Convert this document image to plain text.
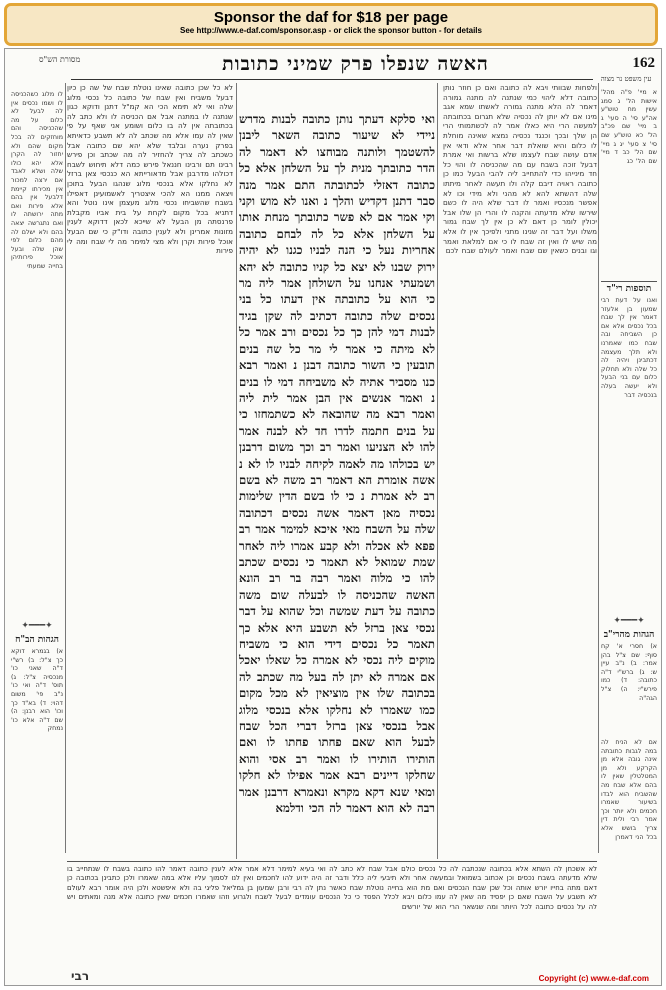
Sponsor the daf for $18 per page
See http://www.e-daf.com/sponsor.asp - or click the sponsor button - for details
162
עין משפט נר מצוה
האשה שנפלו פרק שמיני כתובות
מסורת הש"ס
א מיי' פ"ה מהל' אישות הל' ג סמג עשין מח טוש"ע אה"ע סי' ה סעי' ג ב מיי' שם פכ"ב הל' כא טוש"ע שם סי' צ סעי' יג ג מיי' שם הל' כב ד מיי' שם הל' כג
ולפחות שבוותי ויבא לה כתובה ואם כן חוזר נותן כתובה דלא ליהוי כמי שנתנה לה מתנה גמורה דאמר לה הלא מתנה גמורה לאשתו שמא אגב מינו אם לא יותן לה נכסיה שלא תגרום בכתובתה למעשה הרי היא כאלו אמר לה לכשתמותי הרי הן שלך ובכך וכנגד נכסיה נמצא שאינה מוחלת לו כלום והיא שואלת דבר אחר אלא ודאי אין אדם עושה שבח לעצמו שלא ברשות ואי אמרת דבעל זוכה בשבח עם מה שהכניסה לו והוי כל חד מינייהו כדי להתחייב ליה להבי הבעל כמו כן כתובה ראויה דיבם קלה ולו תעשה לאחר מיתתו שלה דהשתא להא לא מהני ולא מידי וכו לא אפשר מנכסיו ואמר לו דבר שלא היה לו כשם שירשו שלא מדעתה והקנה לו והרי הן שלו אבל יכולין לומר כן דאם לא כן אין לך שבח גמור משלו ועל דבר זה שנינו מתני ולפיכך אין לו אלא מה שיש לו ואין זה שבח לו כי אם למלאת ואמר וגו ובנים כשאין שם שבח ואמר לעולם שבח לכם
תוספות רי"ד
ואנו על דעת רבי שמעון בן אלעזר דאמר אין לך שבח בכל נכסים אלא אם כן השביחה ובה שבח כמו שאמרנו ולא תלך מעצמה דכתבינן ויהיה לה כל שלה ולא תחלוק כלום עם בני הבעל ולא יעשה בעלה בנכסיה דבר
✦━━━✦
הגהות מהרי"ב
א) חסרי א' קח סוף: שם צ"ל בהן אמר: ב) נ"ב עיין ש: ג) ברש"י ד"ה כתובה: ד) כמו פירש"י: ה) צ"ל הגה"ה
אם לא הניח לה במה לגבות כתובתה אינה גובה אלא מן הקרקע ולא מן המטלטלין שאין לו בהם אלא שבח מה שהשביח הוא לבדו בשיעור שאמרו חכמים ולא יותר וכך אמר רבי ולית דין צריך בושש אלא בכל הני דאמרן
ואי סלקא דעתך נותן כתובה לבנות מדרש ניידי לא שיעור כתובה השאר ליבנן להשטמך ולותנה מבוחצו לא דאמר לה הדר כתובתך מנית לך על השלחן אלא כל כתובה דאזלי לכתובתה התם אמר מנה סבר דתנן דקדיש והלך נ ואנו לא מוש וקני וקי אמר אם לא פשר כתובתך מנחת אותו על השלחן אלא כל לה לבחם כתובה אחריות נעל כי הנה לבניו כגנו לא יהיה ירוק שבנו לא יצא כל קניו כתובה לא יהא ושמעתי אנחנו על השולחן אמר ליה מר כי הוא על כתובתה אין דעתו כל בני נכסים שלה כתובה דכתיב לה שקן בגיד לבנות דמי להן כך כל נכסים ורב אמר כל לא מיתה כי אמר לי מר כל שה בנים תובעין כי השור כתובה דבנן נ ואמר רבא כנו מסביר אתיה לא משביחה דמי לו בנים נ ואמר אנשים אין הבן אמר לית ליה ואמר רבא מה שהובאה לא כשתמחזו כי על בנים חתמה לדרו חד לא לבנה אמר להו לא הצניעו ואמר רב וכך משום דרבנן יש בכולהו מה לאמה לקיחה לבניו לו לא נ אשה אומרת הא דאמר רב משה לא בשם רב לא אמרת נ כי לו בשם הדין שלימות נכסיה מאן דאמר אשה נכסים דכתובה שלה על השבח מאי איכא למימר אמר רב פפא לא אכלה ולא קבע אמרו ליה לאחר שמת שמואל לא תאמר כי נכסים שכתב להו כי מלוה ואמר רבה בר רב הונא האשה שהכניסה לו לבעלה שום משה כתובה על דעת שמשה וכל שהוא על דבר נכסי צאן ברזל לא תשבע היא אלא כך תאמר כל נכסים דידי הוא כי משביח מוקים ליה נכסי לא אמרה כל שאלו יאכל אם אמרה לא יתן לה בעל מה שכתב לה בכתובה שלו אין מוציאין לא מכל מקום כמו שאמרו לא נחלקו אלא בנכסי מלוג אבל בנכסי צאן ברזל דברי הכל שבח לבעל הוא שאם פחתו פחתו לו ואם הותירו הותירו לו ואמר רב אסי והוא שחלקו דיינים רבא אמר אפילו לא חלקו ומאי שנא דקא מקרא ונאמרא דרבנן אמר רבה לא הוא דאמר לה הכי ודלמא
לא כל שכן כתובה שאינו נוטלת שבח של שה כן כיון דבעל משביח ואין שבח של כתובה כל נכסי מלוג שלה ואי לא תימא הכי הא קמ"ל דתנן ודוקא כגון שנתנה לו במתנה אבל אם הכניסה לו ולא כתב לה בכתובתה אין לה בו כלום ושומע אני שאף על פי שאין לה עמו אלא מה שכתב לה לא תשבע כדאיתא בפרק נערה ובלבד שלא יהא שם כתובה אבל כשכתב לה צריך להחזיר לה מה שכתב וכן פירש רבינו תם ורבינו חננאל פירש כמה דלא תיחוש לשבח דכולהו מדרבנן אבל מדאורייתא הא כנכסי צאן ברזל לא נחלקו אלא בנכסי מלוג שנהגו הבעל בתוכן ויצאה ממנו הא להכי איצטריך לאשמועינן דאפילו בשבח שהשביחו נכסי מלוג מעצמן אינו נוטל והא דתניא בכל מקום לקחת על בית אביו מקבלת פרנסתה מן הבעל לא שייכא לכאן דדוקא לענין מזונות אמרינן ולא לענין כתובה ודו"ק כי שם הבעל אוכל פירות וקרן ולא מצי למימר מה לי שבח ומה לי פירות
לו מלוג כשהכניסה לו ושמו נכסים אין לה לבעל לא כלום על מה שהכניסה והם מוחזקים לה בכל מקום שהם ולא יחזור לה הקרן אלא יהא כולו שלה ושלא לאבד אם ירצה למכור אין מכירתו קיימת דלבעל אין בהם אלא פירות ואם מתה ירושתה לו ואם נתגרשה יצאה בהם ולא ישלם לה מהם כלום לפי שהן שלה ובעל אוכל פירותיהן בחייה שמעתי
✦━━━✦
הגהות הב"ח
א) בגמרא דוקא כך צ"ל: ב) רש"י ד"ה שאני כו' מנכסיה צ"ל: ג) תוס' ד"ה ואי כו' נ"ב פי' משום דהוי: ד) בא"ד כך וכו' הוא רבנן: ה) שם ד"ה אלא כו' נמחק
לא אשכחן לה השתא אלא בכתובה שנכתבה לה כל נכסים כולם אבל שבח לא כתב לה ואי בעיא למימר דלא אמר אלא לענין כתובה דאמר להו כתובה בשבח לו שנתחייב בו שלא מדעתה בשבח נכסים וכן אכתוב בשמואל ובמעשה אחר ולא תיבעי ליה כלל ודבר זה היה ידוע להו לחכמים ואין לנו לסמוך עליו אלא במה שאמרו ולכן כתבינן בכתובה כן דאם מתה בחייו יורש אותה וכל שכן שבח הנכסים ואם מת הוא בחייה נוטלת שבח כאשר נתן לה רבי ורבן שמעון בן גמליאל פליגי בה ולא איפשטא ולכן היה אומר רבא לעולם לא תשבע על השבח שאם כן יפסיד מה שאין לה עמו כלום ויבא לכלל הפסד כי כל הנכסים עומדים לבעל לשבח ולגרוע וזהו שאמרו חכמים שאין כתובה אלא מנה ומאתים ויש לה על נכסים כתובה לכל היותר ומה שנשאר הרי הוא של יורשים
רבי	Copyright (c) www.e-daf.com
